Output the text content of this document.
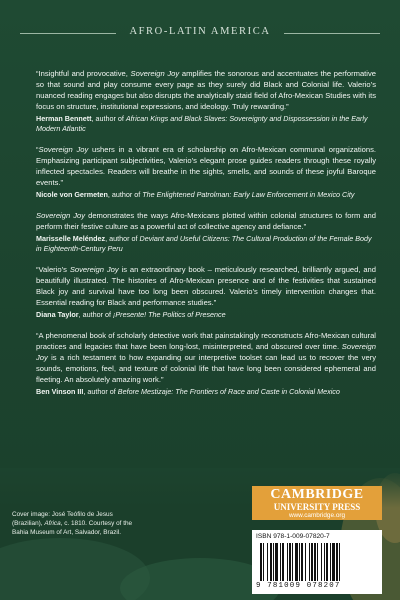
AFRO-LATIN AMERICA

“Insightful and provocative, Sovereign Joy amplifies the sonorous and accentuates the performative so that sound and play consume every page as they surely did Black and Colonial life. Valerio’s nuanced reading engages but also disrupts the analytically staid field of Afro-Mexican Studies with its focus on structure, institutional expressions, and ideology. Truly rewarding.”

Herman Bennett, author of African Kings and Black Slaves: Sovereignty and Dispossession in the Early Modern Atlantic

“Sovereign Joy ushers in a vibrant era of scholarship on Afro-Mexican communal organizations. Emphasizing participant subjectivities, Valerio’s elegant prose guides readers through these royally inflected spectacles. Readers will breathe in the sights, smells, and sounds of these joyful Baroque events.”

Nicole von Germeten, author of The Enlightened Patrolman: Early Law Enforcement in Mexico City

Sovereign Joy demonstrates the ways Afro-Mexicans plotted within colonial structures to form and perform their festive culture as a powerful act of collective agency and defiance.”

Marisselle Meléndez, author of Deviant and Useful Citizens: The Cultural Production of the Female Body in Eighteenth-Century Peru

“Valerio’s Sovereign Joy is an extraordinary book – meticulously researched, brilliantly argued, and beautifully illustrated. The histories of Afro-Mexican presence and of the festivities that sustained Black joy and survival have too long been obscured. Valerio’s timely intervention changes that. Essential reading for Black and performance studies.”

Diana Taylor, author of ¡Presente! The Politics of Presence

“A phenomenal book of scholarly detective work that painstakingly reconstructs Afro-Mexican cultural practices and legacies that have been long-lost, misinterpreted, and obscured over time. Sovereign Joy is a rich testament to how expanding our interpretive toolset can lead us to recover the very sounds, emotions, feel, and texture of colonial life that have long been considered ephemeral and fleeting. An absolutely amazing work.”

Ben Vinson III, author of Before Mestizaje: The Frontiers of Race and Caste in Colonial Mexico

Cover image: José Teófilo de Jesus (Brazilian), Africa, c. 1810. Courtesy of the Bahia Museum of Art, Salvador, Brazil.
CAMBRIDGE
UNIVERSITY PRESS
www.cambridge.org
ISBN 978-1-009-07820-7
9 781009 078207
